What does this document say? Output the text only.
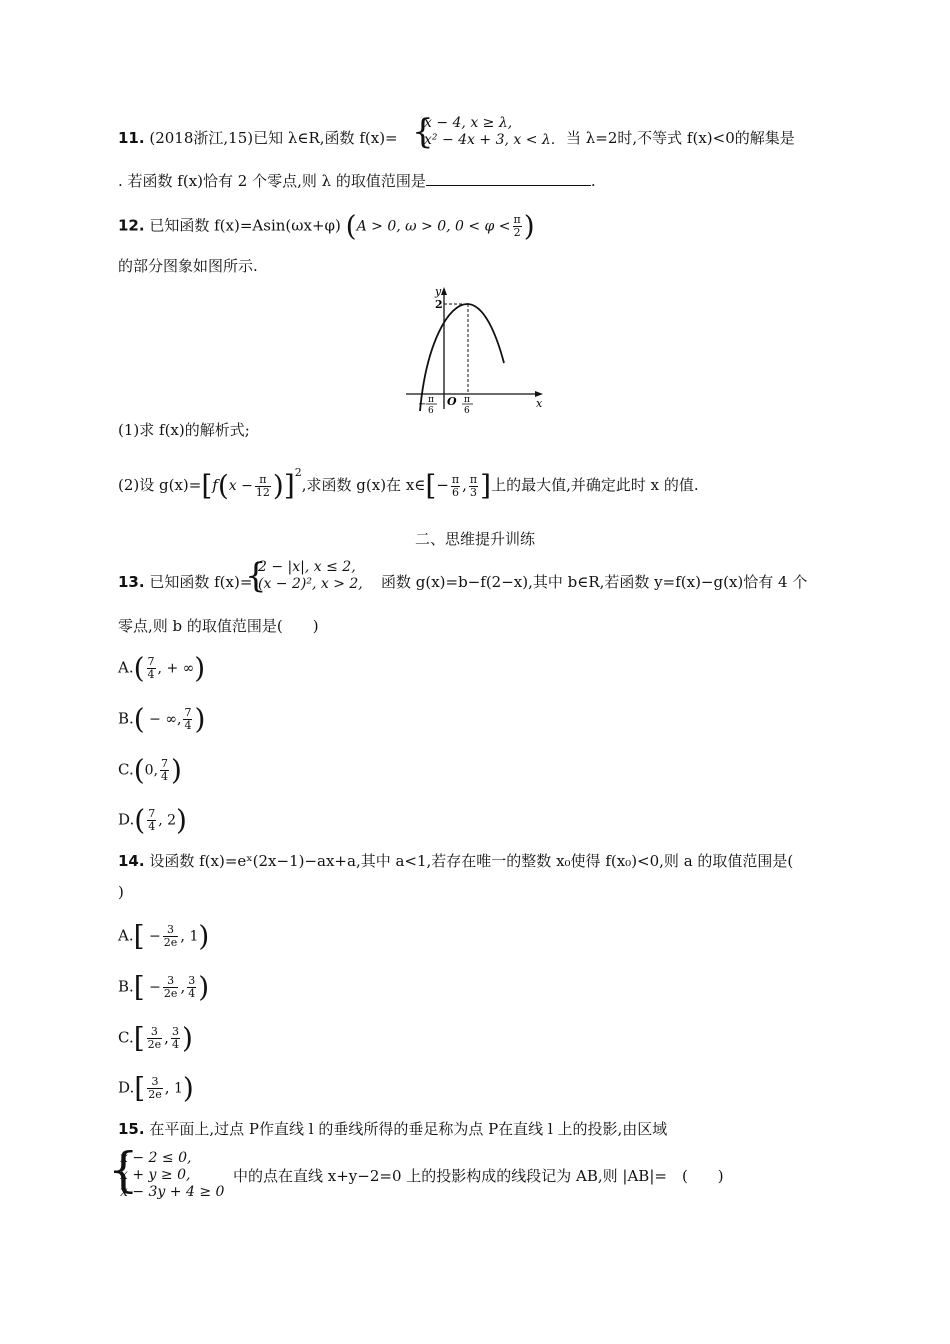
11. (2018浙江,15)已知 λ∈R,函数 f(x)= {
x − 4, x ≥ λ,
x² − 4x + 3, x < λ. 当 λ=2时,不等式 f(x)<0的解集是
. 若函数 f(x)恰有 2 个零点,则 λ 的取值范围是	.
12. 已知函数 f(x)=Asin(ωx+φ) (A > 0, ω > 0, $0 < \varphi < \frac{\pi}{2}$ )
的部分图象如图所示.
y
x
2
O
− π
6
π
6
(1)求 f(x)的解析式;
(2)设 $g(x)=[f(x - \frac{\pi}{12} )]^2$,求函数 g(x)在 x∈[− $\frac{\pi}{6}$ , $\frac{\pi}{3}$ ]上的最大值,并确定此时 x 的值.
二、思维提升训练
13. 已知函数 f(x)=
{
2 − |x|, x ≤ 2,
(x − 2)², x > 2, 函数 g(x)=b−f(2−x),其中 b∈R,若函数 y=f(x)−g(x)恰有 4 个
零点,则 b 的取值范围是(　　)
$A.( \frac{7}{4}$ , + ∞)
B.( − ∞, $\frac{7}{4}$ )
C.(0, $\frac{7}{4}$ )
$D.( \frac{7}{4}$ , 2)
14. 设函数 f(x)=eˣ(2x−1)−ax+a,其中 a<1,若存在唯一的整数 x₀使得 f(x₀)<0,则 a 的取值范围是(
)
$A.[ - \frac{3}{2e}$ , 1)
$B.[ - \frac{3}{2e}$ , $\frac{3}{4}$ )
$C.[ \frac{3}{2e}$ , $\frac{3}{4}$ )
$D.[ \frac{3}{2e}$ , 1)
15. 在平面上,过点 P作直线 l 的垂线所得的垂足称为点 P在直线 l 上的投影,由区域
{
x − 2 ≤ 0,
x + y ≥ 0,
x − 3y + 4 ≥ 0
中的点在直线 x+y−2=0 上的投影构成的线段记为 AB,则 |AB|=　(　　)
